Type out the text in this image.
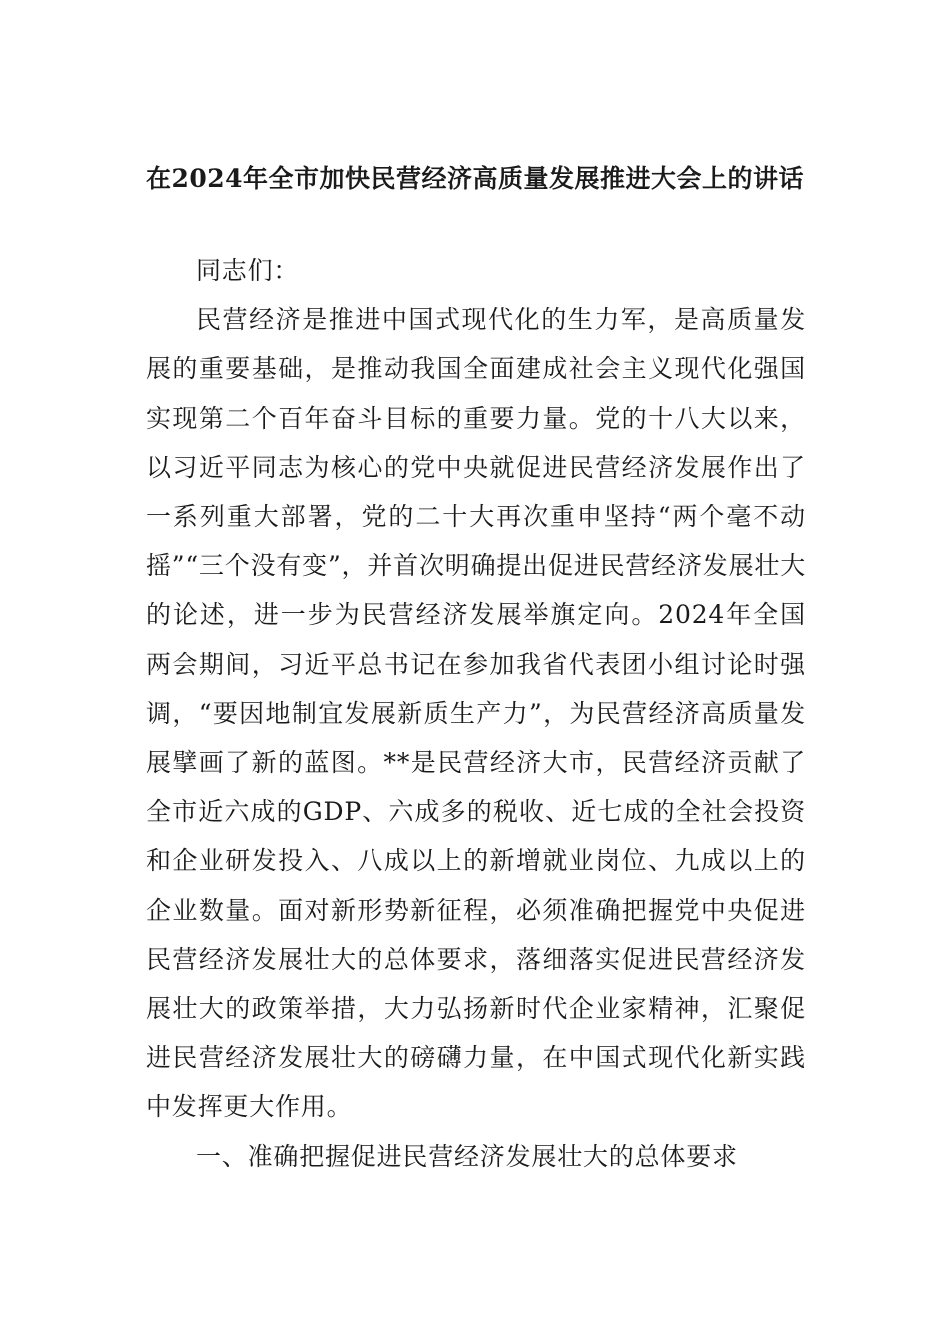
在2024年全市加快民营经济高质量发展推进大会上的讲话

同志们：

民营经济是推进中国式现代化的生力军，是高质量发展的重要基础，是推动我国全面建成社会主义现代化强国实现第二个百年奋斗目标的重要力量。党的十八大以来，以习近平同志为核心的党中央就促进民营经济发展作出了一系列重大部署，党的二十大再次重申坚持“两个毫不动摇”“三个没有变”，并首次明确提出促进民营经济发展壮大的论述，进一步为民营经济发展举旗定向。2024年全国两会期间，习近平总书记在参加我省代表团小组讨论时强调，“要因地制宜发展新质生产力”，为民营经济高质量发展擘画了新的蓝图。**是民营经济大市，民营经济贡献了全市近六成的GDP、六成多的税收、近七成的全社会投资和企业研发投入、八成以上的新增就业岗位、九成以上的企业数量。面对新形势新征程，必须准确把握党中央促进民营经济发展壮大的总体要求，落细落实促进民营经济发展壮大的政策举措，大力弘扬新时代企业家精神，汇聚促进民营经济发展壮大的磅礴力量，在中国式现代化新实践中发挥更大作用。

一、准确把握促进民营经济发展壮大的总体要求
